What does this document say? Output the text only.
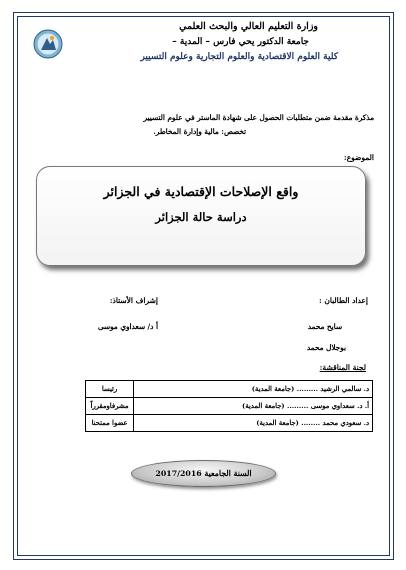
وزارة التعليم العالي والبحث العلمي
جامعة الدكتور يحي فارس – المدية –
كلية العلوم الاقتصادية والعلوم التجارية وعلوم التسيير
مذكرة مقدمة ضمن متطلبات الحصول على شهادة الماستر في علوم التسيير
تخصص: مالية وإدارة المخاطر.
الموضوع:
واقع الإصلاحات الإقتصادية في الجزائر
دراسة حالة الجزائر
إعداد الطالبان :
إشراف الأستاذ:
سايح محمد
أ د/ سعداوي موسى
بوجلال محمد
لجنة المناقشة:
رئيسا	د. سالمي الرشيد ......... (جامعة المدية)
مشرفاومقرراً	أ. د. سعداوي موسى ......... (جامعة المدية)
عضوا ممتحنا	د. سعودي محمد ........ (جامعة المدية)
السنة الجامعية 2017/2016
